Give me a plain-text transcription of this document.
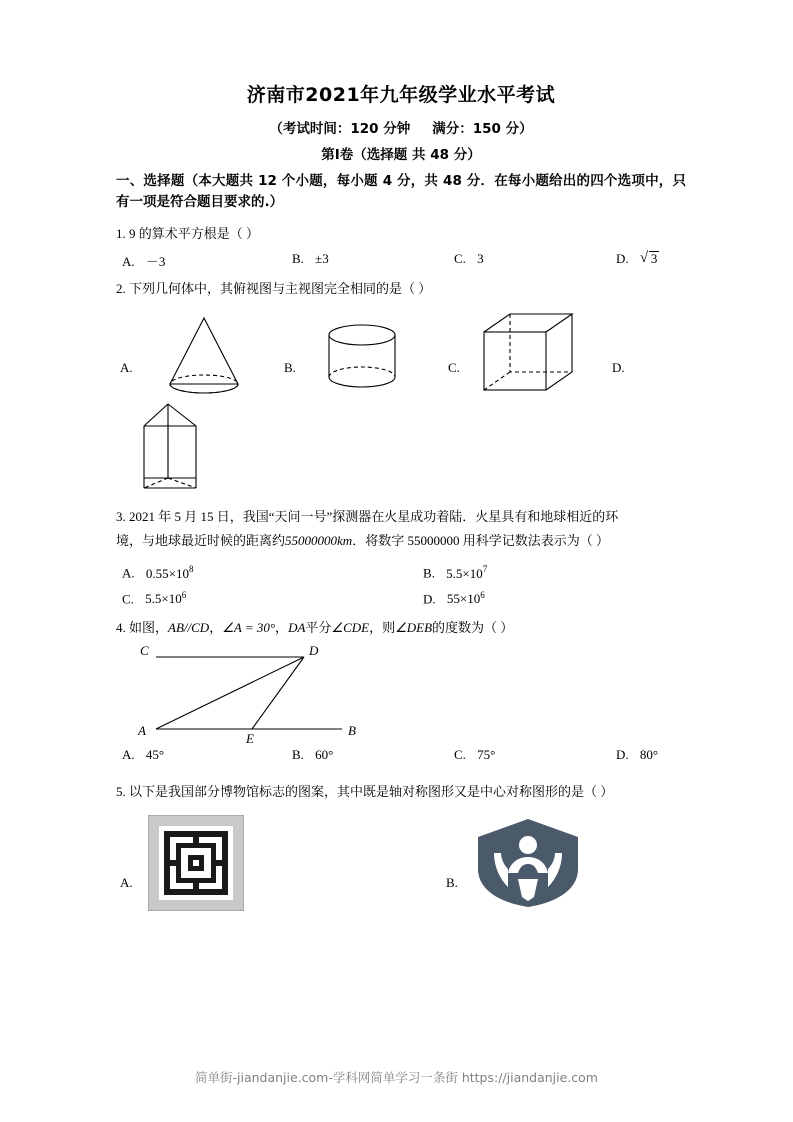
济南市2021年九年级学业水平考试
（考试时间：120 分钟 满分：150 分）
第Ⅰ卷（选择题 共 48 分）
一、选择题（本大题共 12 个小题，每小题 4 分，共 48 分．在每小题给出的四个选项中，只有一项是符合题目要求的.）
1. 9 的算术平方根是（ ）
A. －3	B. ±3	C. 3	D. √ 3
2. 下列几何体中，其俯视图与主视图完全相同的是（ ）
A.	B.	C.	D.
3. 2021 年 5 月 15 日，我国“天问一号”探测器在火星成功着陆．火星具有和地球相近的环
境，与地球最近时候的距离约55000000km．将数字 55000000 用科学记数法表示为（ ）
A. $0.55\times 10^8$	B. $5.5\times 10^7$
C. $5.5\times 10^6$	D. $55\times 10^6$
4. 如图，AB//CD，∠A = 30°，DA平分∠CDE，则∠DEB的度数为（ ）
C	D
A
E
B
A. 45°	B. 60°	C. 75°	D. 80°
5. 以下是我国部分博物馆标志的图案，其中既是轴对称图形又是中心对称图形的是（ ）
A.	B.
简单街-jiandanjie.com-学科网简单学习一条街 https://jiandanjie.com
